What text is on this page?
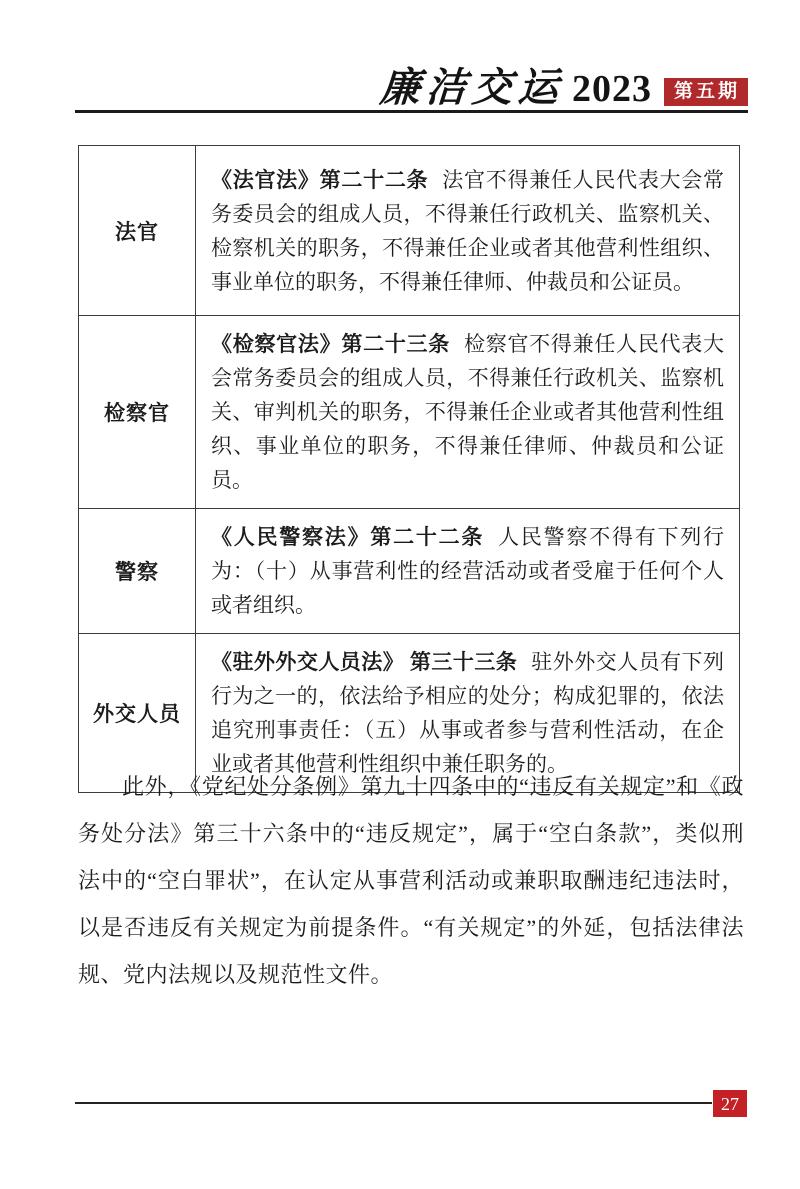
廉洁交运 2023	第五期
法官	《法官法》第二十二条 法官不得兼任人民代表大会常务委员会的组成人员，不得兼任行政机关、监察机关、检察机关的职务，不得兼任企业或者其他营利性组织、事业单位的职务，不得兼任律师、仲裁员和公证员。
检察官	《检察官法》第二十三条 检察官不得兼任人民代表大会常务委员会的组成人员，不得兼任行政机关、监察机关、审判机关的职务，不得兼任企业或者其他营利性组织、事业单位的职务，不得兼任律师、仲裁员和公证员。
警察	《人民警察法》第二十二条 人民警察不得有下列行为：（十）从事营利性的经营活动或者受雇于任何个人或者组织。
外交人员	《驻外外交人员法》 第三十三条 驻外外交人员有下列行为之一的，依法给予相应的处分；构成犯罪的，依法追究刑事责任：（五）从事或者参与营利性活动，在企业或者其他营利性组织中兼任职务的。

此外，《党纪处分条例》第九十四条中的“违反有关规定”和《政务处分法》第三十六条中的“违反规定”，属于“空白条款”，类似刑法中的“空白罪状”，在认定从事营利活动或兼职取酬违纪违法时，以是否违反有关规定为前提条件。“有关规定”的外延，包括法律法规、党内法规以及规范性文件。

27
